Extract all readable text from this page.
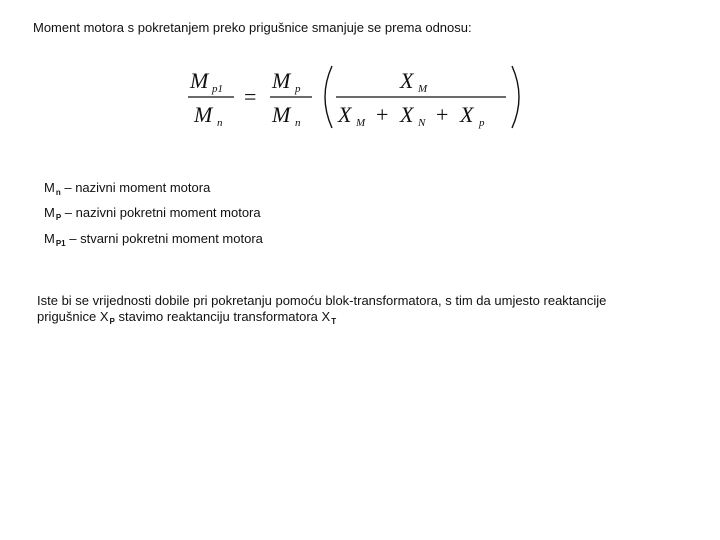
Moment motora s pokretanjem preko prigušnice smanjuje se prema odnosu:
M p1
M n
=
M p
M n
X M
X M + X N + X p
$M_n$ – nazivni moment motora
$M_P$ – nazivni pokretni moment motora
$M_{P1}$ – stvarni pokretni moment motora
Iste bi se vrijednosti dobile pri pokretanju pomoću blok-transformatora, s tim da umjesto reaktancije
prigušnice $X_P$ stavimo reaktanciju transformatora $X_T$
